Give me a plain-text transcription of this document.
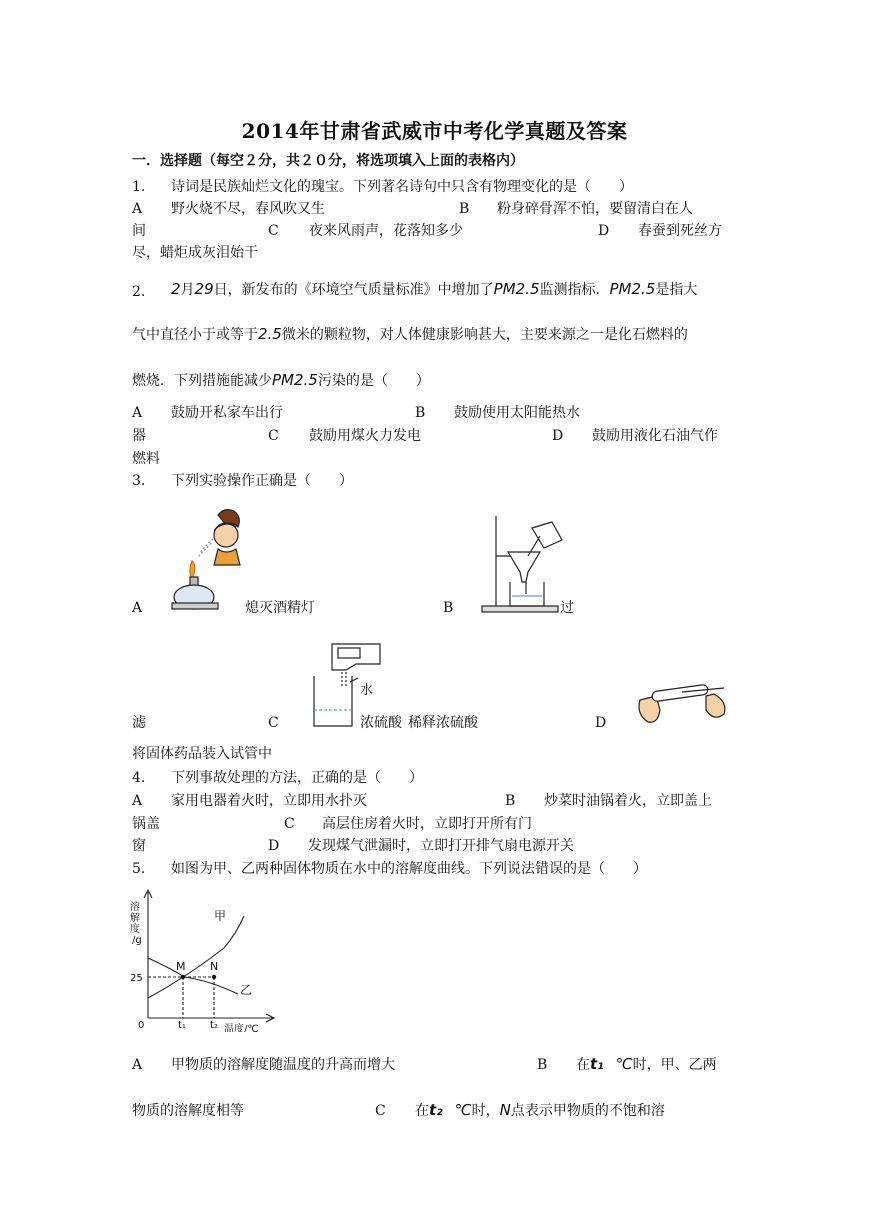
2014年甘肃省武威市中考化学真题及答案
一．选择题（每空２分，共２０分，将选项填入上面的表格内）
1. 诗词是民族灿烂文化的瑰宝。下列著名诗句中只含有物理变化的是（　　）
A 野火烧不尽，春风吹又生	B 粉身碎骨浑不怕，要留清白在人
间	C 夜来风雨声，花落知多少	D 春蚕到死丝方
尽，蜡炬成灰泪始干
2. 2月29日，新发布的《环境空气质量标准》中增加了PM2.5监测指标．PM2.5是指大
气中直径小于或等于2.5微米的颗粒物，对人体健康影响甚大，主要来源之一是化石燃料的
燃烧．下列措施能减少PM2.5污染的是（　　）
A 鼓励开私家车出行	B 鼓励使用太阳能热水
器	C 鼓励用煤火力发电	D 鼓励用液化石油气作
燃料
3. 下列实验操作正确是（　　）
A	熄灭酒精灯	B	过
滤	C
水
浓硫酸 稀释浓硫酸	D
将固体药品装入试管中
4. 下列事故处理的方法，正确的是（　　）
A 家用电器着火时，立即用水扑灭	B 炒菜时油锅着火，立即盖上
锅盖	C 高层住房着火时，立即打开所有门
窗	D 发现煤气泄漏时，立即打开排气扇电源开关
5. 如图为甲、乙两种固体物质在水中的溶解度曲线。下列说法错误的是（　　）
溶解度/g
25
0	t₁ t₂ 温度/℃
甲
乙
M N
A 甲物质的溶解度随温度的升高而增大	B 在t₁ ℃时，甲、乙两
物质的溶解度相等	C 在t₂ ℃时，N点表示甲物质的不饱和溶
